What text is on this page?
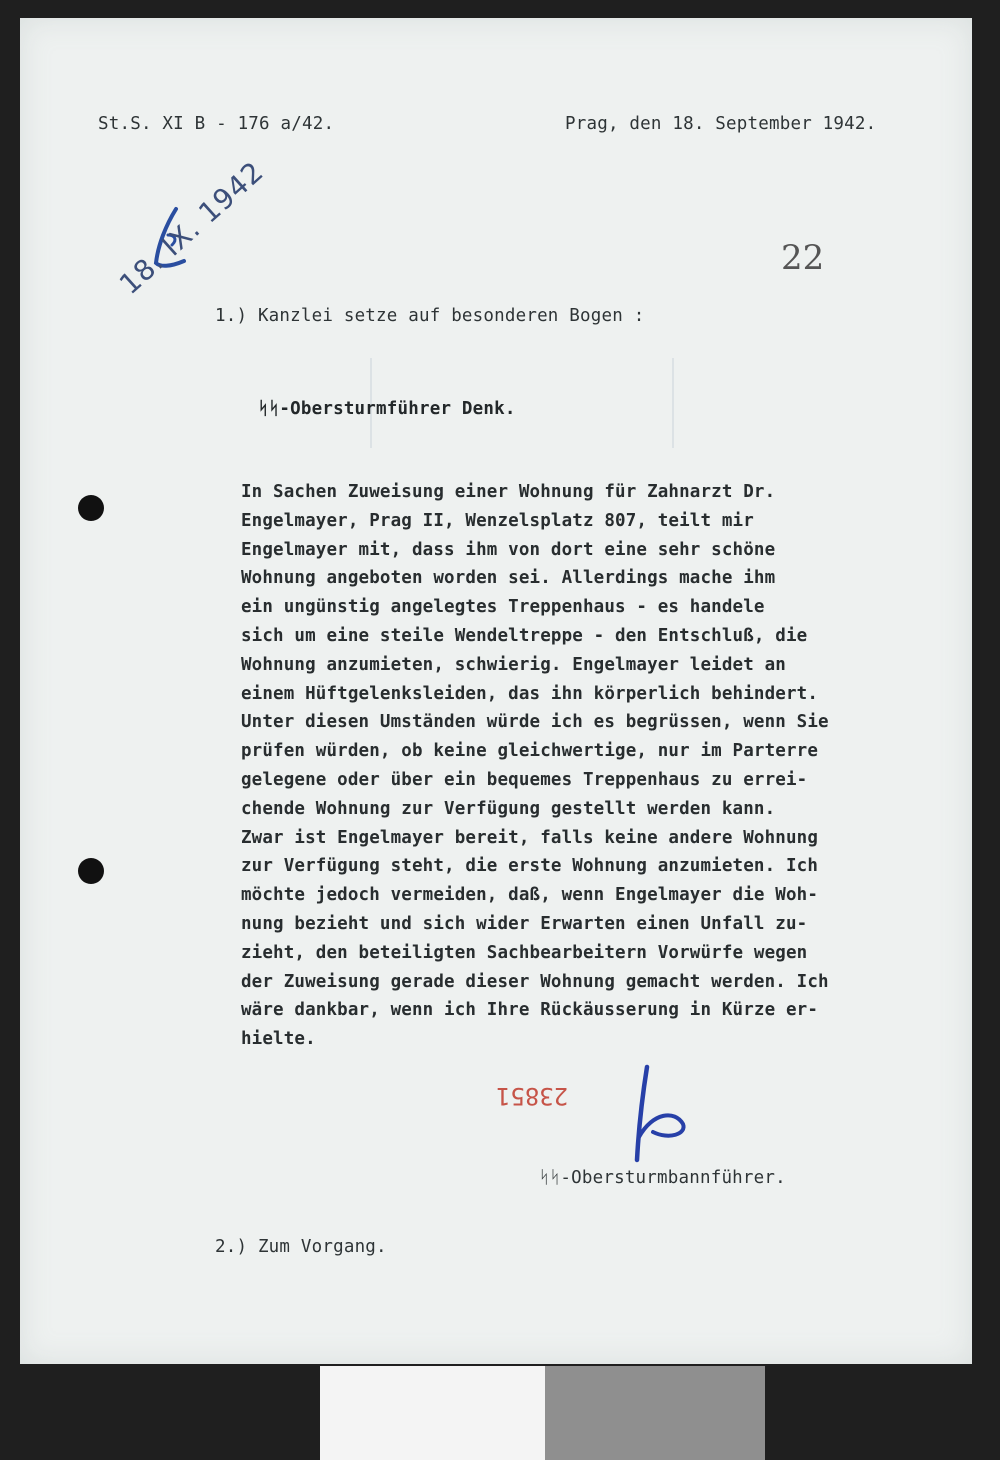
St.S. XI B - 176 a/42.	Prag, den 18. September 1942.
18. IX. 1942	22
1.) Kanzlei setze auf besonderen Bogen :
ᛋᛋ-Obersturmführer Denk.
In Sachen Zuweisung einer Wohnung für Zahnarzt Dr.
Engelmayer, Prag II, Wenzelsplatz 807, teilt mir
Engelmayer mit, dass ihm von dort eine sehr schöne
Wohnung angeboten worden sei. Allerdings mache ihm
ein ungünstig angelegtes Treppenhaus - es handele
sich um eine steile Wendeltreppe - den Entschluß, die
Wohnung anzumieten, schwierig. Engelmayer leidet an
einem Hüftgelenksleiden, das ihn körperlich behindert.
Unter diesen Umständen würde ich es begrüssen, wenn Sie
prüfen würden, ob keine gleichwertige, nur im Parterre
gelegene oder über ein bequemes Treppenhaus zu errei-
chende Wohnung zur Verfügung gestellt werden kann.
Zwar ist Engelmayer bereit, falls keine andere Wohnung
zur Verfügung steht, die erste Wohnung anzumieten. Ich
möchte jedoch vermeiden, daß, wenn Engelmayer die Woh-
nung bezieht und sich wider Erwarten einen Unfall zu-
zieht, den beteiligten Sachbearbeitern Vorwürfe wegen
der Zuweisung gerade dieser Wohnung gemacht werden. Ich
wäre dankbar, wenn ich Ihre Rückäusserung in Kürze er-
hielte.
23851
ᛋᛋ-Obersturmbannführer.
2.) Zum Vorgang.
